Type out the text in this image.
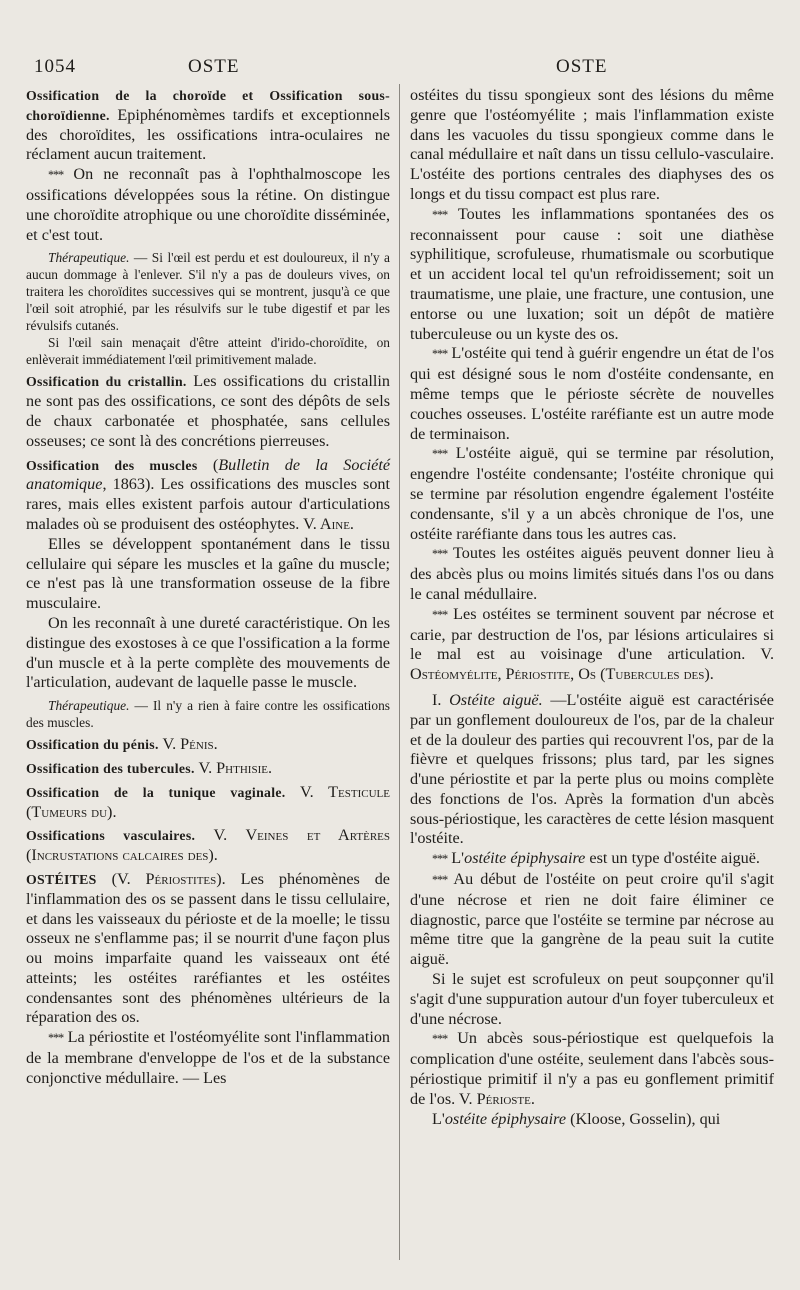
1054	OSTE	OSTE

Ossification de la choroïde et Ossification sous-choroïdienne. Epiphénomèmes tardifs et exceptionnels des choroïdites, les ossifications intra-oculaires ne réclament aucun traitement.

* * * On ne reconnaît pas à l'ophthalmoscope les ossifications développées sous la rétine. On distingue une choroïdite atrophique ou une choroïdite disséminée, et c'est tout.

Thérapeutique. — Si l'œil est perdu et est douloureux, il n'y a aucun dommage à l'enlever. S'il n'y a pas de douleurs vives, on traitera les choroïdites successives qui se montrent, jusqu'à ce que l'œil soit atrophié, par les résulvifs sur le tube digestif et par les révulsifs cutanés.

Si l'œil sain menaçait d'être atteint d'irido-choroïdite, on enlèverait immédiatement l'œil primitivement malade.

Ossification du cristallin. Les ossifications du cristallin ne sont pas des ossifications, ce sont des dépôts de sels de chaux carbonatée et phosphatée, sans cellules osseuses; ce sont là des concrétions pierreuses.

Ossification des muscles (Bulletin de la Société anatomique, 1863). Les ossifications des muscles sont rares, mais elles existent parfois autour d'articulations malades où se produisent des ostéophytes. V. Aine.

Elles se développent spontanément dans le tissu cellulaire qui sépare les muscles et la gaîne du muscle; ce n'est pas là une transformation osseuse de la fibre musculaire.

On les reconnaît à une dureté caractéristique. On les distingue des exostoses à ce que l'ossification a la forme d'un muscle et à la perte complète des mouvements de l'articulation, audevant de laquelle passe le muscle.

Thérapeutique. — Il n'y a rien à faire contre les ossifications des muscles.

Ossification du pénis. V. Pénis.

Ossification des tubercules. V. Phthisie.

Ossification de la tunique vaginale. V. Testicule (Tumeurs du).

Ossifications vasculaires. V. Veines et Artères (Incrustations calcaires des).

OSTÉITES (V. Périostites). Les phénomènes de l'inflammation des os se passent dans le tissu cellulaire, et dans les vaisseaux du périoste et de la moelle; le tissu osseux ne s'enflamme pas; il se nourrit d'une façon plus ou moins imparfaite quand les vaisseaux ont été atteints; les ostéites raréfiantes et les ostéites condensantes sont des phénomènes ultérieurs de la réparation des os.

* * * La périostite et l'ostéomyélite sont l'inflammation de la membrane d'enveloppe de l'os et de la substance conjonctive médullaire. — Les

ostéites du tissu spongieux sont des lésions du même genre que l'ostéomyélite ; mais l'inflammation existe dans les vacuoles du tissu spongieux comme dans le canal médullaire et naît dans un tissu cellulo-vasculaire. L'ostéite des portions centrales des diaphyses des os longs et du tissu compact est plus rare.

* * * Toutes les inflammations spontanées des os reconnaissent pour cause : soit une diathèse syphilitique, scrofuleuse, rhumatismale ou scorbutique et un accident local tel qu'un refroidissement; soit un traumatisme, une plaie, une fracture, une contusion, une entorse ou une luxation; soit un dépôt de matière tuberculeuse ou un kyste des os.

* * * L'ostéite qui tend à guérir engendre un état de l'os qui est désigné sous le nom d'ostéite condensante, en même temps que le périoste sécrète de nouvelles couches osseuses. L'ostéite raréfiante est un autre mode de terminaison.

* * * L'ostéite aiguë, qui se termine par résolution, engendre l'ostéite condensante; l'ostéite chronique qui se termine par résolution engendre également l'ostéite condensante, s'il y a un abcès chronique de l'os, une ostéite raréfiante dans tous les autres cas.

* * * Toutes les ostéites aiguës peuvent donner lieu à des abcès plus ou moins limités situés dans l'os ou dans le canal médullaire.

* * * Les ostéites se terminent souvent par nécrose et carie, par destruction de l'os, par lésions articulaires si le mal est au voisinage d'une articulation. V. Ostéomyélite, Périostite, Os (Tubercules des).

I. Ostéite aiguë. —L'ostéite aiguë est caractérisée par un gonflement douloureux de l'os, par de la chaleur et de la douleur des parties qui recouvrent l'os, par de la fièvre et quelques frissons; plus tard, par les signes d'une périostite et par la perte plus ou moins complète des fonctions de l'os. Après la formation d'un abcès sous-périostique, les caractères de cette lésion masquent l'ostéite.

* * * L'ostéite épiphysaire est un type d'ostéite aiguë.

* * * Au début de l'ostéite on peut croire qu'il s'agit d'une nécrose et rien ne doit faire éliminer ce diagnostic, parce que l'ostéite se termine par nécrose au même titre que la gangrène de la peau suit la cutite aiguë.

Si le sujet est scrofuleux on peut soupçonner qu'il s'agit d'une suppuration autour d'un foyer tuberculeux et d'une nécrose.

* * * Un abcès sous-périostique est quelquefois la complication d'une ostéite, seulement dans l'abcès sous-périostique primitif il n'y a pas eu gonflement primitif de l'os. V. Périoste.

L'ostéite épiphysaire (Kloose, Gosselin), qui
